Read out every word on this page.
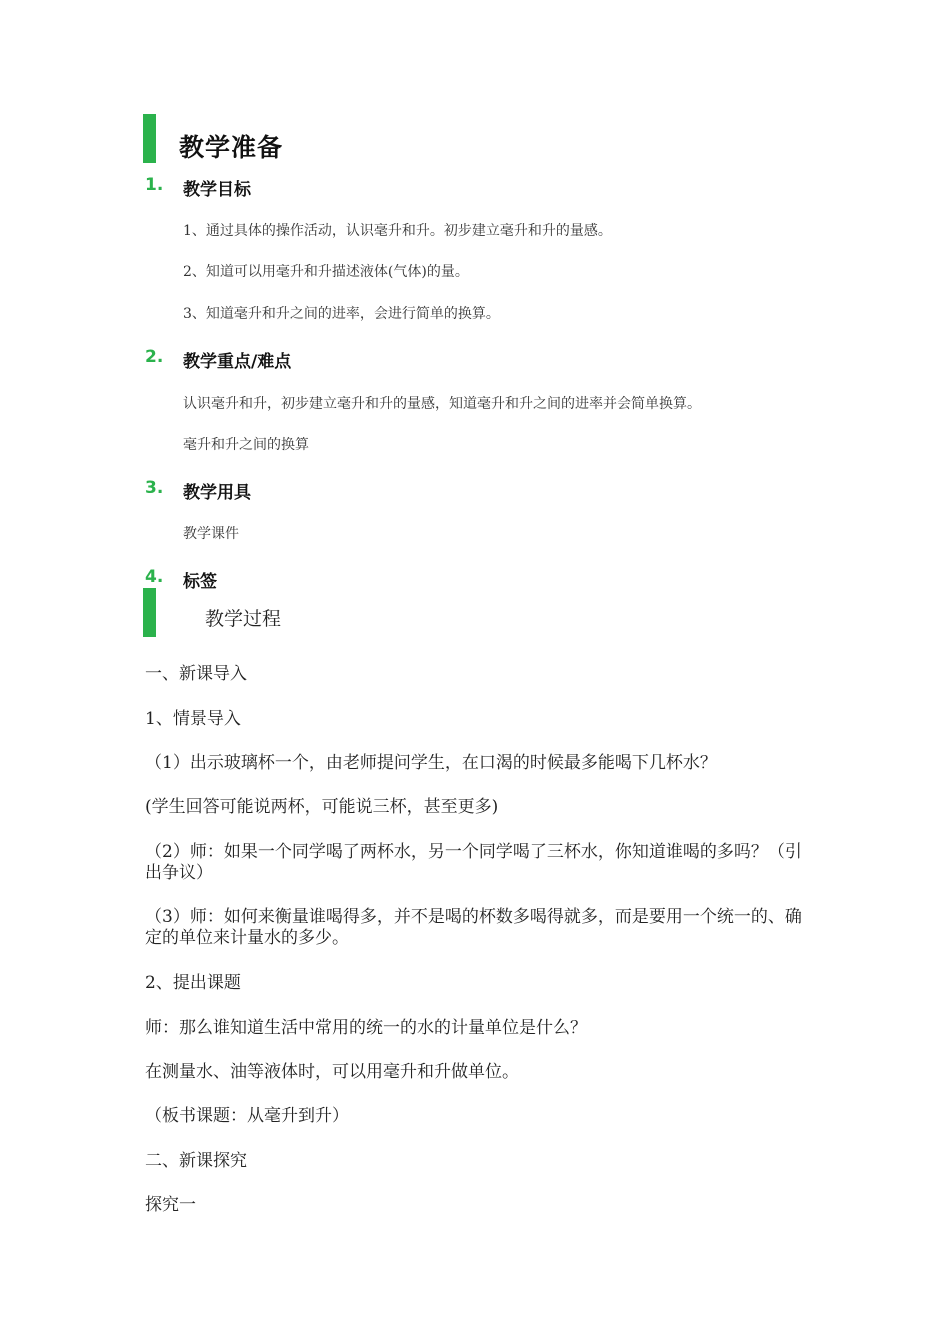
教学准备
1. 教学目标
1、通过具体的操作活动，认识毫升和升。初步建立毫升和升的量感。
2、知道可以用毫升和升描述液体(气体)的量。
3、知道毫升和升之间的进率，会进行简单的换算。
2. 教学重点/难点
认识毫升和升，初步建立毫升和升的量感，知道毫升和升之间的进率并会简单换算。
毫升和升之间的换算
3. 教学用具
教学课件
4. 标签
教学过程
一、新课导入
1、情景导入
（1）出示玻璃杯一个，由老师提问学生，在口渴的时候最多能喝下几杯水？
(学生回答可能说两杯，可能说三杯，甚至更多)
（2）师：如果一个同学喝了两杯水，另一个同学喝了三杯水，你知道谁喝的多吗？（引出争议）
（3）师：如何来衡量谁喝得多，并不是喝的杯数多喝得就多，而是要用一个统一的、确定的单位来计量水的多少。
2、提出课题
师：那么谁知道生活中常用的统一的水的计量单位是什么？
在测量水、油等液体时，可以用毫升和升做单位。
（板书课题：从毫升到升）
二、新课探究
探究一
